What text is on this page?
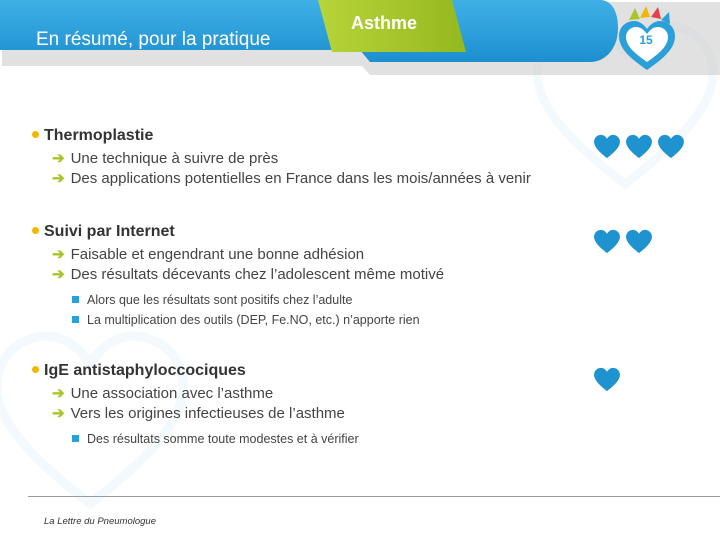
En résumé, pour la pratique
Asthme
15
Thermoplastie
➔ Une technique à suivre de près
➔ Des applications potentielles en France dans les mois/années à venir
Suivi par Internet
➔ Faisable et engendrant une bonne adhésion
➔ Des résultats décevants chez l’adolescent même motivé
Alors que les résultats sont positifs chez l’adulte
La multiplication des outils (DEP, Fe.NO, etc.) n’apporte rien
IgE antistaphyloccociques
➔ Une association avec l’asthme
➔ Vers les origines infectieuses de l’asthme
Des résultats somme toute modestes et à vérifier
La Lettre du Pneumologue
